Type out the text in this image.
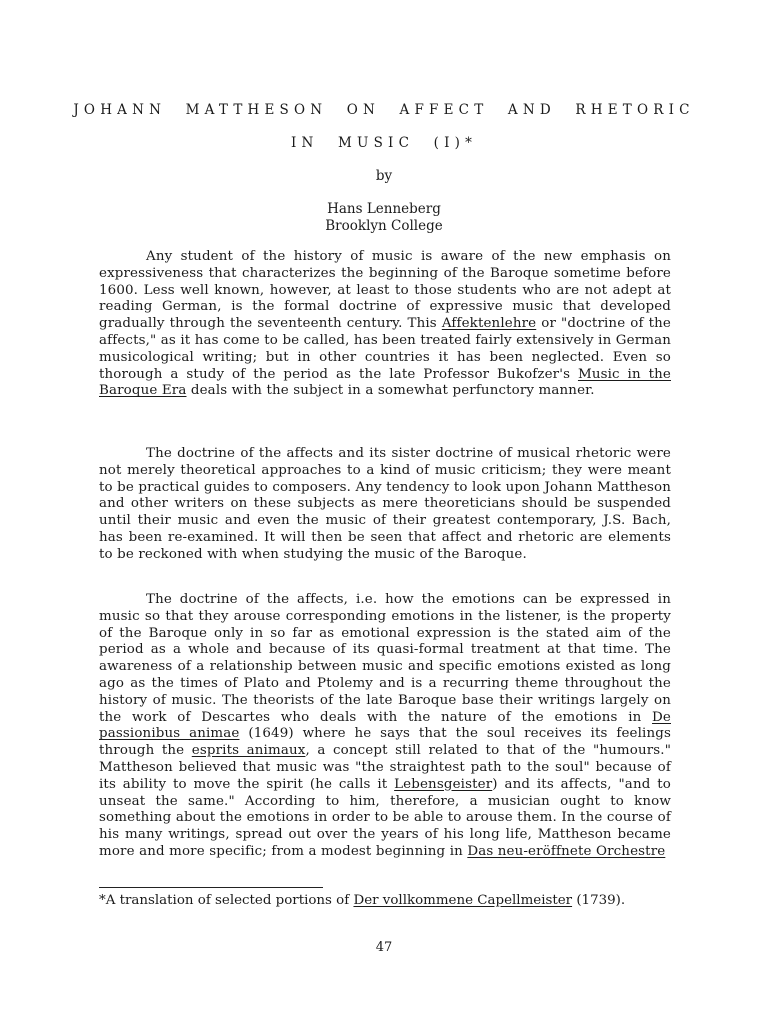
JOHANN MATTHESON ON AFFECT AND RHETORIC
IN MUSIC (I)*

by

Hans Lenneberg

Brooklyn College

Any student of the history of music is aware of the new emphasis on expressiveness that characterizes the beginning of the Baroque sometime before 1600. Less well known, however, at least to those students who are not adept at reading German, is the formal doctrine of expressive music that developed gradually through the seventeenth century. This Affektenlehre or "doctrine of the affects," as it has come to be called, has been treated fairly extensively in German musicological writing; but in other countries it has been neglected. Even so thorough a study of the period as the late Professor Bukofzer's Music in the Baroque Era deals with the subject in a somewhat perfunctory manner.

The doctrine of the affects and its sister doctrine of musical rhetoric were not merely theoretical approaches to a kind of music criticism; they were meant to be practical guides to composers. Any tendency to look upon Johann Mattheson and other writers on these subjects as mere theoreticians should be suspended until their music and even the music of their greatest contemporary, J.S. Bach, has been re-examined. It will then be seen that affect and rhetoric are elements to be reckoned with when studying the music of the Baroque.

The doctrine of the affects, i.e. how the emotions can be expressed in music so that they arouse corresponding emotions in the listener, is the property of the Baroque only in so far as emotional expression is the stated aim of the period as a whole and because of its quasi-formal treatment at that time. The awareness of a relationship between music and specific emotions existed as long ago as the times of Plato and Ptolemy and is a recurring theme throughout the history of music. The theorists of the late Baroque base their writings largely on the work of Descartes who deals with the nature of the emotions in De passionibus animae (1649) where he says that the soul receives its feelings through the esprits animaux, a concept still related to that of the "humours." Mattheson believed that music was "the straightest path to the soul" because of its ability to move the spirit (he calls it Lebensgeister) and its affects, "and to unseat the same." According to him, therefore, a musician ought to know something about the emotions in order to be able to arouse them. In the course of his many writings, spread out over the years of his long life, Mattheson became more and more specific; from a modest beginning in Das neu-eröffnete Orchestre

*A translation of selected portions of Der vollkommene Capellmeister (1739).

47
